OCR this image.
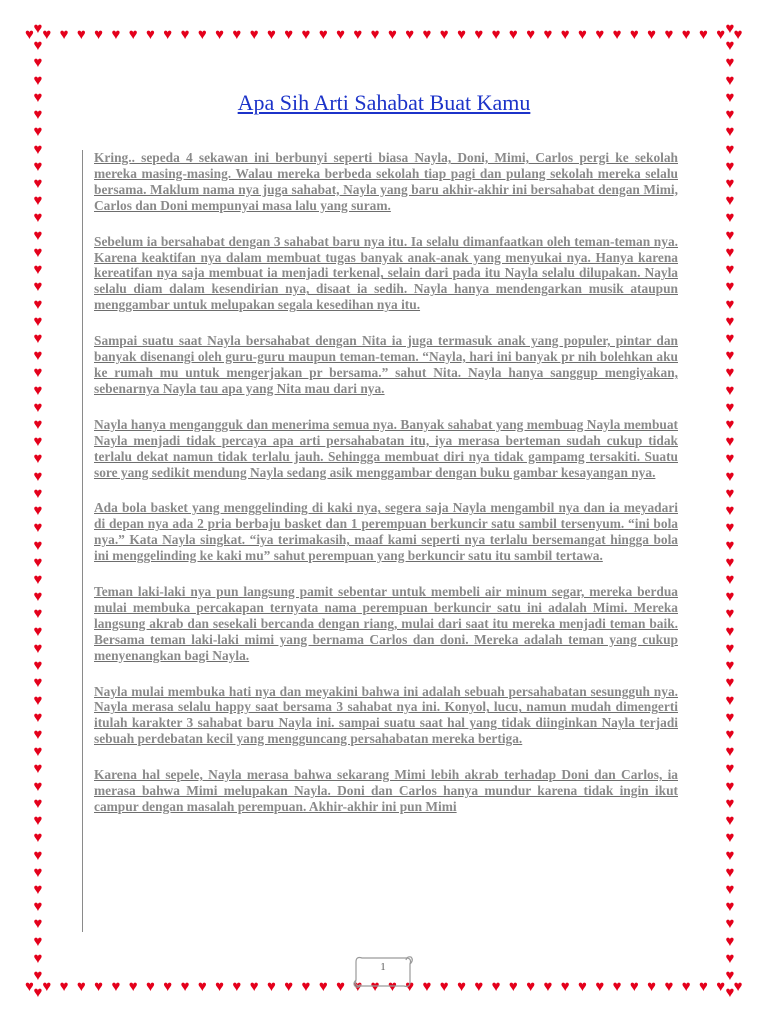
♥ ♥ ♥ ♥ ♥ ♥ ♥ ♥ ♥ ♥ ♥ ♥ ♥ ♥ ♥ ♥ ♥ ♥ ♥ ♥ ♥ ♥ ♥ ♥ ♥ ♥ ♥ ♥ ♥ ♥ ♥ ♥ ♥ ♥ ♥ ♥ ♥ ♥ ♥ ♥ ♥ ♥
♥ ♥ ♥ ♥ ♥ ♥ ♥ ♥ ♥ ♥ ♥ ♥ ♥ ♥ ♥ ♥ ♥ ♥ ♥ ♥ ♥ ♥ ♥ ♥ ♥ ♥ ♥ ♥ ♥ ♥ ♥ ♥ ♥ ♥ ♥ ♥ ♥ ♥ ♥ ♥ ♥ ♥
♥
♥
♥
♥
♥
♥
♥
♥
♥
♥
♥
♥
♥
♥
♥
♥
♥
♥
♥
♥
♥
♥
♥
♥
♥
♥
♥
♥
♥
♥
♥
♥
♥
♥
♥
♥
♥
♥
♥
♥
♥
♥
♥
♥
♥
♥
♥
♥
♥
♥
♥
♥
♥
♥
♥
♥
♥
♥
♥
♥
♥
♥
♥
♥
♥
♥
♥
♥
♥
♥
♥
♥
♥
♥
♥
♥
♥
♥
♥
♥
♥
♥
♥
♥
♥
♥
♥
♥
♥
♥
♥
♥
♥
♥
♥
♥
♥
♥
♥
♥
♥
♥
♥
♥
♥
♥
♥
♥
♥
♥
♥
♥
♥
♥
Apa Sih Arti Sahabat Buat Kamu

Kring.. sepeda 4 sekawan ini berbunyi seperti biasa Nayla, Doni, Mimi, Carlos pergi ke sekolah mereka masing-masing. Walau mereka berbeda sekolah tiap pagi dan pulang sekolah mereka selalu bersama. Maklum nama nya juga sahabat, Nayla yang baru akhir-akhir ini bersahabat dengan Mimi, Carlos dan Doni mempunyai masa lalu yang suram.

Sebelum ia bersahabat dengan 3 sahabat baru nya itu. Ia selalu dimanfaatkan oleh teman-teman nya. Karena keaktifan nya dalam membuat tugas banyak anak-anak yang menyukai nya. Hanya karena kereatifan nya saja membuat ia menjadi terkenal, selain dari pada itu Nayla selalu dilupakan. Nayla selalu diam dalam kesendirian nya, disaat ia sedih. Nayla hanya mendengarkan musik ataupun menggambar untuk melupakan segala kesedihan nya itu.

Sampai suatu saat Nayla bersahabat dengan Nita ia juga termasuk anak yang populer, pintar dan banyak disenangi oleh guru-guru maupun teman-teman. “Nayla, hari ini banyak pr nih bolehkan aku ke rumah mu untuk mengerjakan pr bersama.” sahut Nita. Nayla hanya sanggup mengiyakan, sebenarnya Nayla tau apa yang Nita mau dari nya.

Nayla hanya mengangguk dan menerima semua nya. Banyak sahabat yang membuag Nayla membuat Nayla menjadi tidak percaya apa arti persahabatan itu, iya merasa berteman sudah cukup tidak terlalu dekat namun tidak terlalu jauh. Sehingga membuat diri nya tidak gampamg tersakiti. Suatu sore yang sedikit mendung Nayla sedang asik menggambar dengan buku gambar kesayangan nya.

Ada bola basket yang menggelinding di kaki nya, segera saja Nayla mengambil nya dan ia meyadari di depan nya ada 2 pria berbaju basket dan 1 perempuan berkuncir satu sambil tersenyum. “ini bola nya.” Kata Nayla singkat. “iya terimakasih, maaf kami seperti nya terlalu bersemangat hingga bola ini menggelinding ke kaki mu” sahut perempuan yang berkuncir satu itu sambil tertawa.

Teman laki-laki nya pun langsung pamit sebentar untuk membeli air minum segar, mereka berdua mulai membuka percakapan ternyata nama perempuan berkuncir satu ini adalah Mimi. Mereka langsung akrab dan sesekali bercanda dengan riang, mulai dari saat itu mereka menjadi teman baik. Bersama teman laki-laki mimi yang bernama Carlos dan doni. Mereka adalah teman yang cukup menyenangkan bagi Nayla.

Nayla mulai membuka hati nya dan meyakini bahwa ini adalah sebuah persahabatan sesungguh nya. Nayla merasa selalu happy saat bersama 3 sahabat nya ini. Konyol, lucu, namun mudah dimengerti itulah karakter 3 sahabat baru Nayla ini. sampai suatu saat hal yang tidak diinginkan Nayla terjadi sebuah perdebatan kecil yang mengguncang persahabatan mereka bertiga.

Karena hal sepele, Nayla merasa bahwa sekarang Mimi lebih akrab terhadap Doni dan Carlos, ia merasa bahwa Mimi melupakan Nayla. Doni dan Carlos hanya mundur karena tidak ingin ikut campur dengan masalah perempuan. Akhir-akhir ini pun Mimi

1
